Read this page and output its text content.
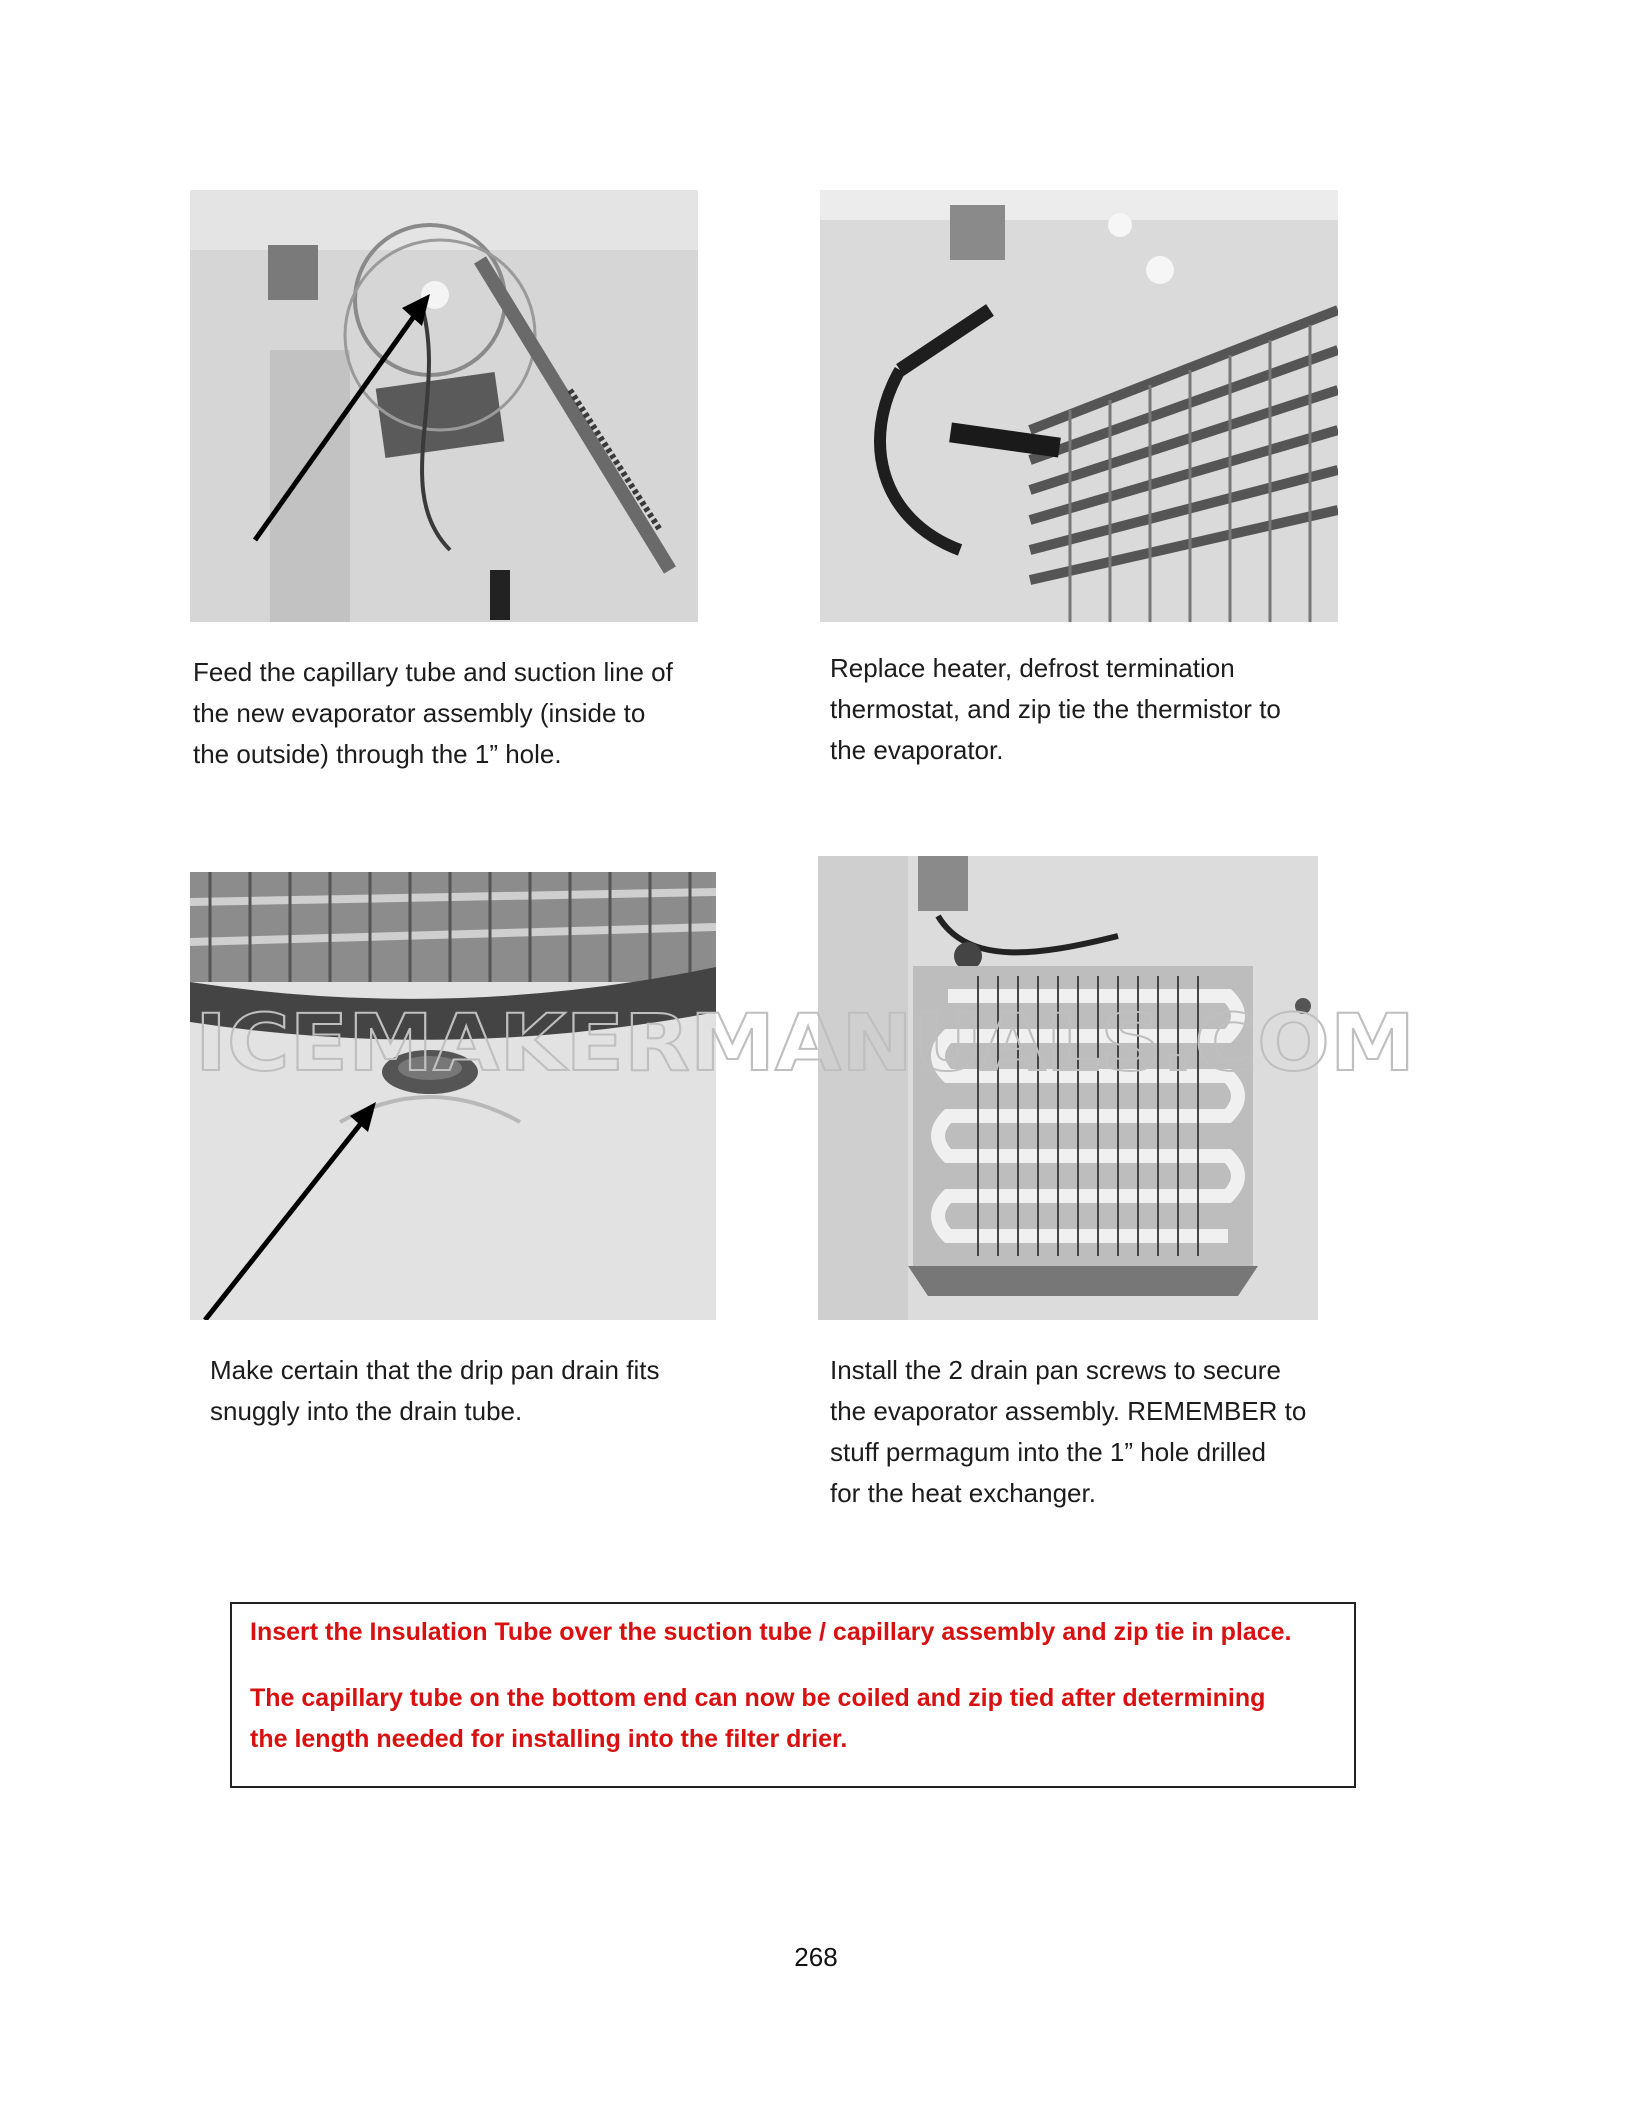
ICEMAKERMANUALS.COM

Feed the capillary tube and suction line of
the new evaporator assembly (inside to
the outside) through the 1” hole.

Replace heater, defrost termination
thermostat, and zip tie the thermistor to
the evaporator.

Make certain that the drip pan drain fits
snuggly into the drain tube.

Install the 2 drain pan screws to secure
the evaporator assembly. REMEMBER to
stuff permagum into the 1” hole drilled
for the heat exchanger.

Insert the Insulation Tube over the suction tube / capillary assembly and zip tie in place.

The capillary tube on the bottom end can now be coiled and zip tied after determining
the length needed for installing into the filter drier.

268
